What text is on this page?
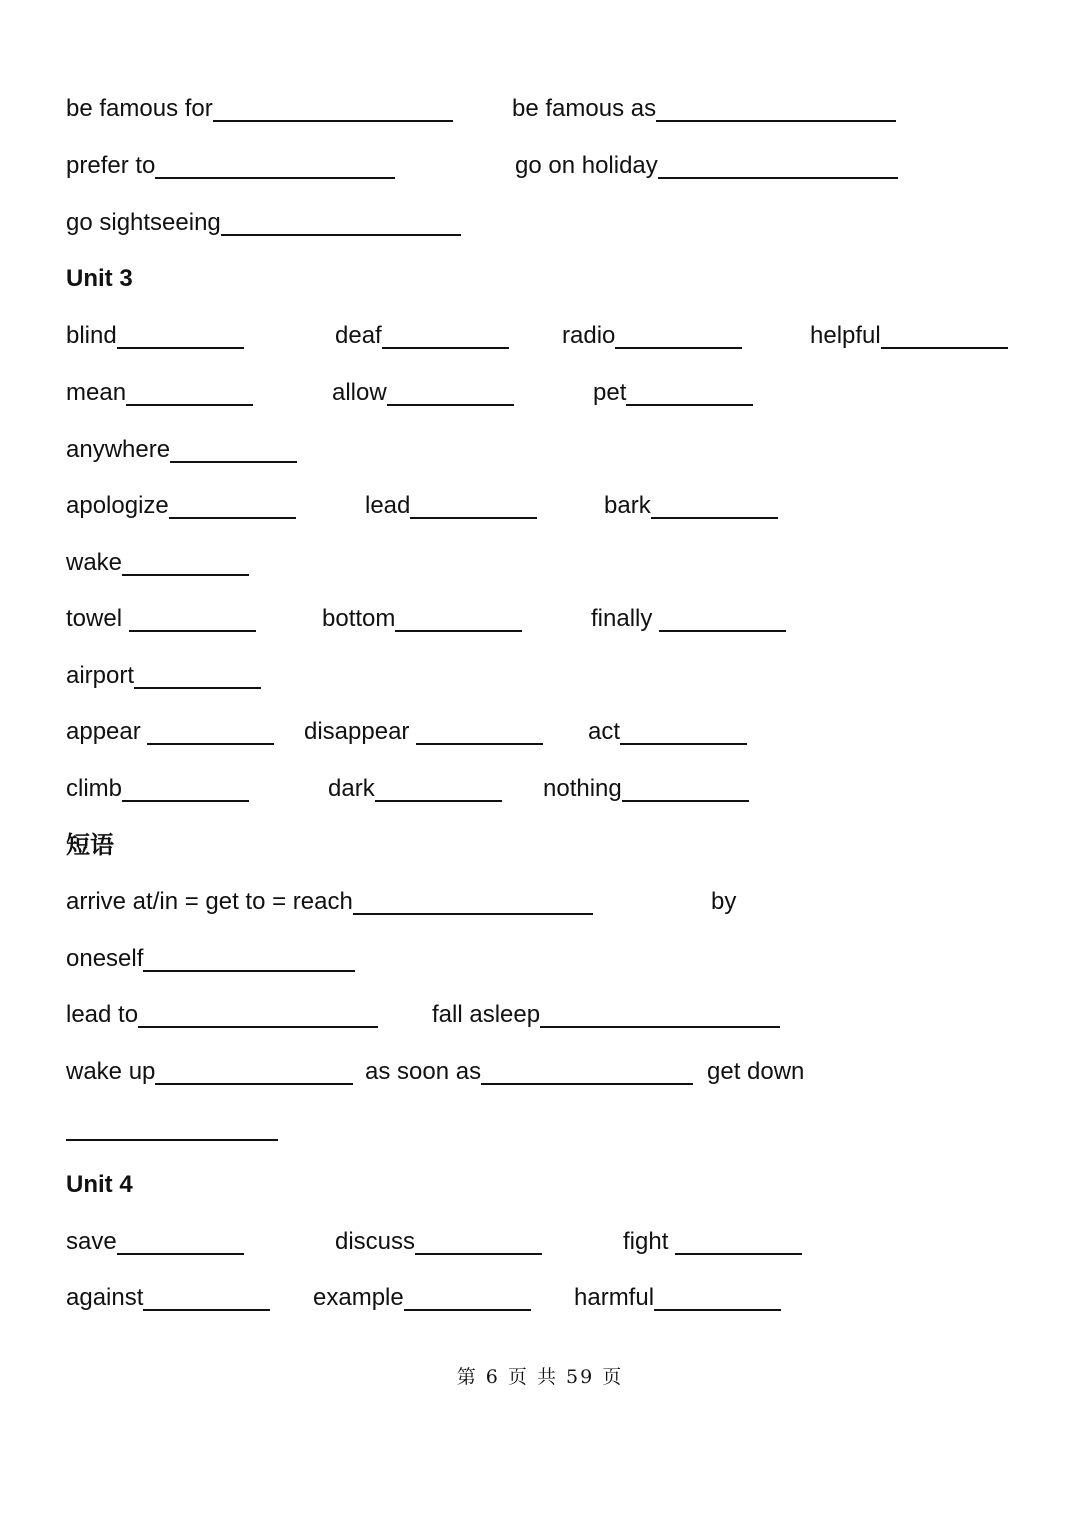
be famous for	be famous as
prefer to	go on holiday
go sightseeing
Unit 3
blind	deaf	radio	helpful
mean	allow	pet
anywhere
apologize	lead	bark
wake
towel	bottom	finally
airport
appear	disappear	act
climb	dark	nothing
短语
arrive at/in = get to = reach	by
oneself
lead to	fall asleep
wake up	as soon as	get down
Unit 4
save	discuss	fight
against	example	harmful
第 6 页 共 59 页
